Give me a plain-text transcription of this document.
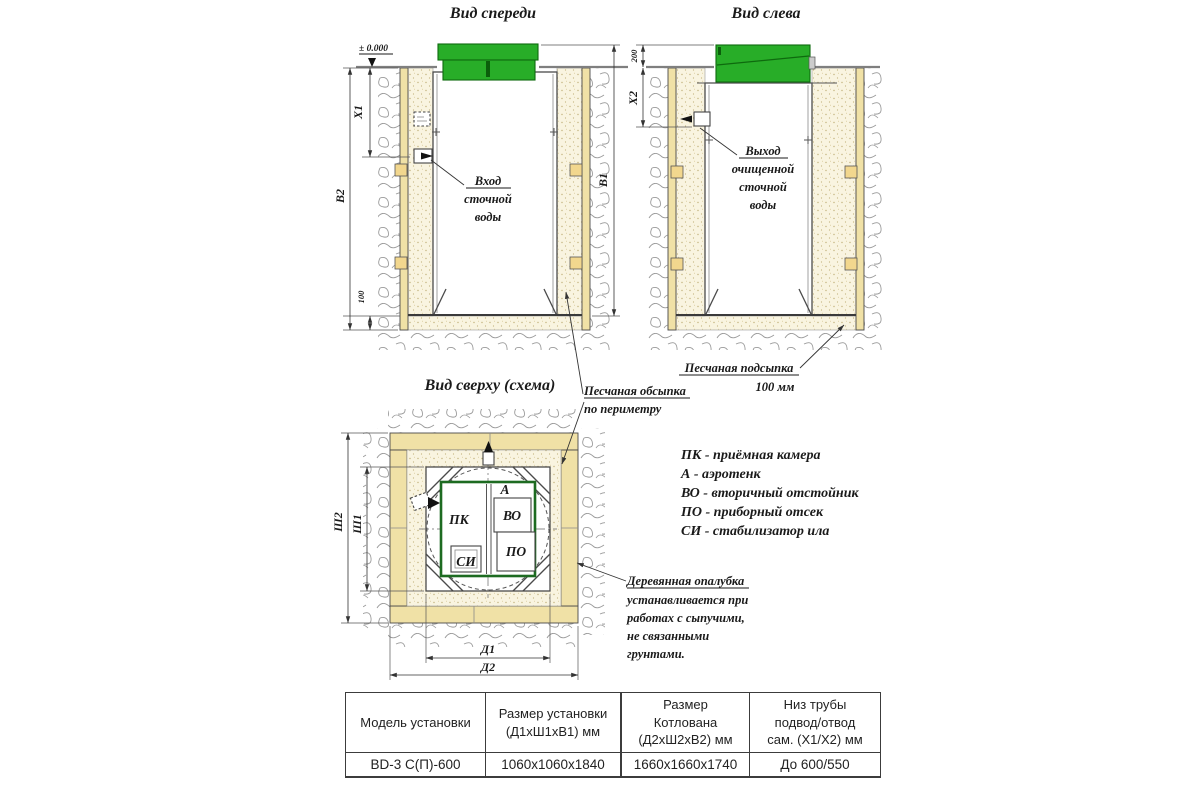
Вид спереди
± 0.000
X1
В2
100
В1
Вход
сточной
воды
Вид слева
200
X2
Выход
очищенной
сточной
воды
Песчаная подсыпка
100 мм
Вид сверху (схема)
ПК
А
ВО
ПО
СИ
Ш2 Ш1
Д1
Д2
Песчаная обсыпка
по периметру
Деревянная опалубка
устанавливается при
работах с сыпучими,
не связанными
грунтами.
ПК - приёмная камера
А - аэротенк
ВО - вторичный отстойник
ПО - приборный отсек
СИ - стабилизатор ила
Модель установки
Размер установки
(Д1хШ1хВ1) мм
Размер
Котлована
(Д2хШ2хВ2) мм
Низ трубы
подвод/отвод
сам. (Х1/Х2) мм
BD-3 С(П)-600	1060х1060х1840 1660х1660х1740	До 600/550
